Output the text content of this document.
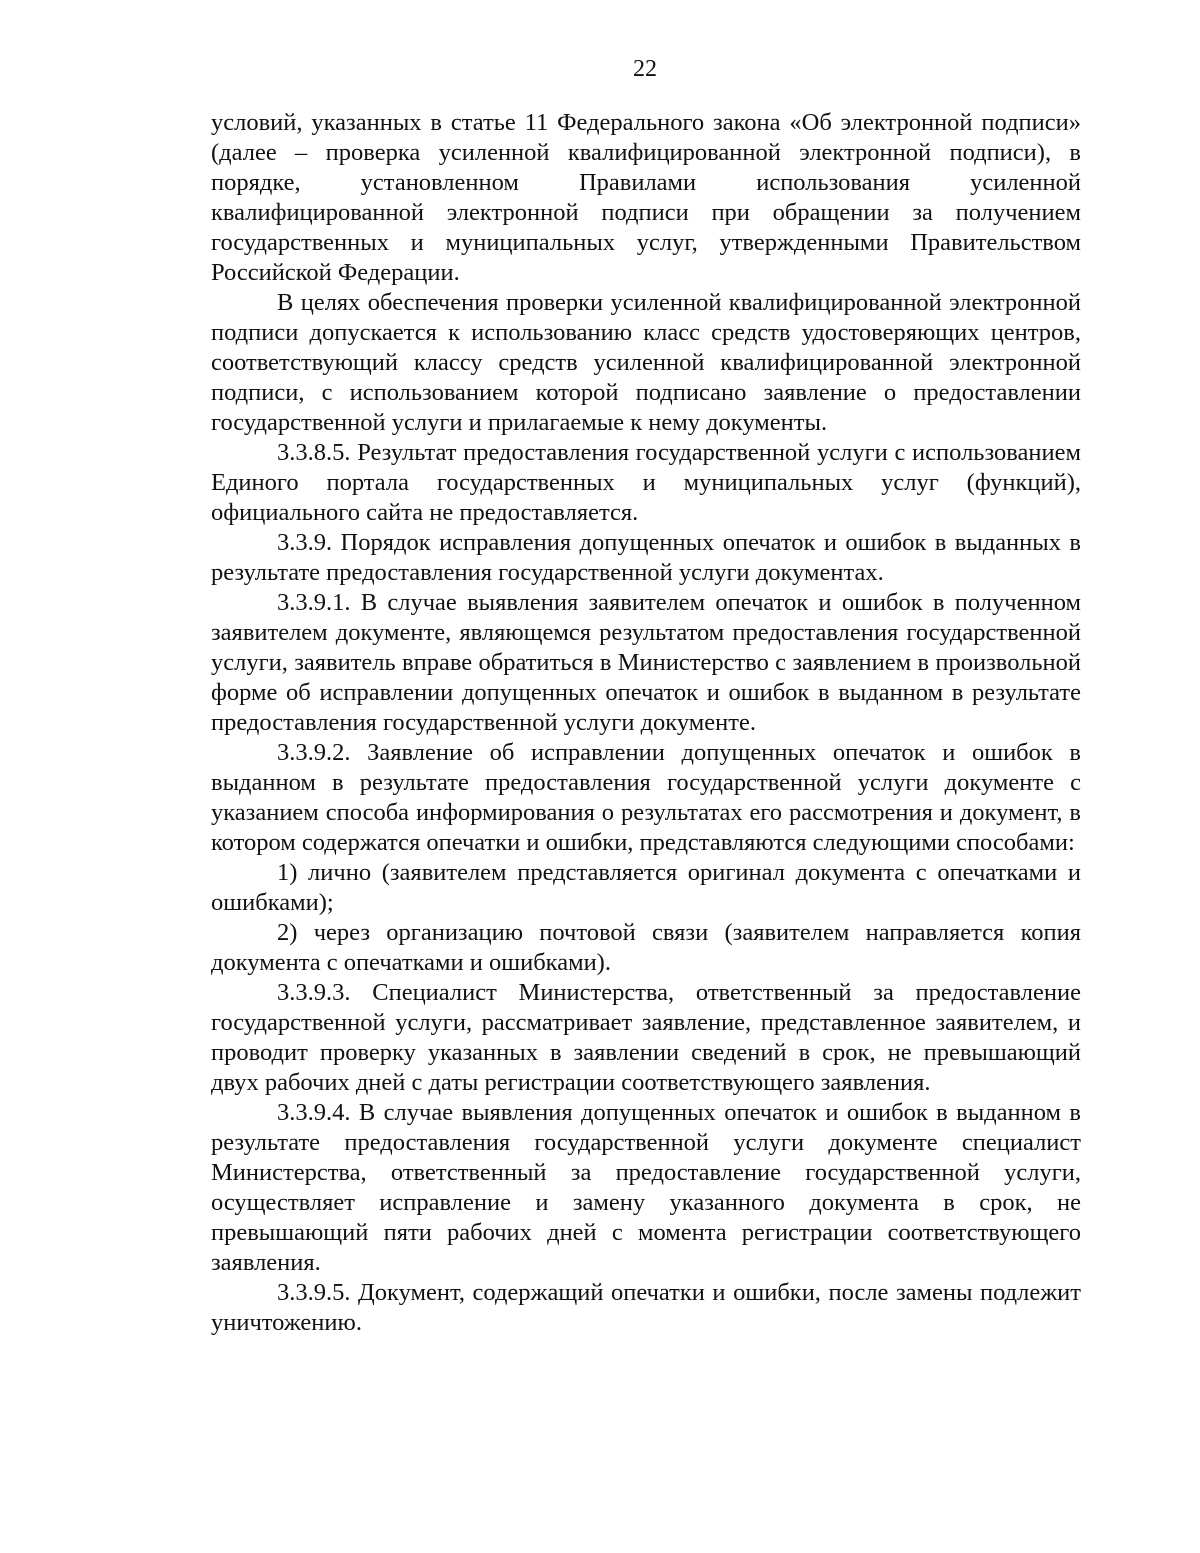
22

условий, указанных в статье 11 Федерального закона «Об электронной подписи» (далее – проверка усиленной квалифицированной электронной подписи), в порядке, установленном Правилами использования усиленной квалифицированной электронной подписи при обращении за получением государственных и муниципальных услуг, утвержденными Правительством Российской Федерации.

В целях обеспечения проверки усиленной квалифицированной электронной подписи допускается к использованию класс средств удостоверяющих центров, соответствующий классу средств усиленной квалифицированной электронной подписи, с использованием которой подписано заявление о предоставлении государственной услуги и прилагаемые к нему документы.

3.3.8.5. Результат предоставления государственной услуги с использованием Единого портала государственных и муниципальных услуг (функций), официального сайта не предоставляется.

3.3.9. Порядок исправления допущенных опечаток и ошибок в выданных в результате предоставления государственной услуги документах.

3.3.9.1. В случае выявления заявителем опечаток и ошибок в полученном заявителем документе, являющемся результатом предоставления государственной услуги, заявитель вправе обратиться в Министерство с заявлением в произвольной форме об исправлении допущенных опечаток и ошибок в выданном в результате предоставления государственной услуги документе.

3.3.9.2. Заявление об исправлении допущенных опечаток и ошибок в выданном в результате предоставления государственной услуги документе с указанием способа информирования о результатах его рассмотрения и документ, в котором содержатся опечатки и ошибки, представляются следующими способами:

1) лично (заявителем представляется оригинал документа с опечатками и ошибками);

2) через организацию почтовой связи (заявителем направляется копия документа с опечатками и ошибками).

3.3.9.3. Специалист Министерства, ответственный за предоставление государственной услуги, рассматривает заявление, представленное заявителем, и проводит проверку указанных в заявлении сведений в срок, не превышающий двух рабочих дней с даты регистрации соответствующего заявления.

3.3.9.4. В случае выявления допущенных опечаток и ошибок в выданном в результате предоставления государственной услуги документе специалист Министерства, ответственный за предоставление государственной услуги, осуществляет исправление и замену указанного документа в срок, не превышающий пяти рабочих дней с момента регистрации соответствующего заявления.

3.3.9.5. Документ, содержащий опечатки и ошибки, после замены подлежит уничтожению.
